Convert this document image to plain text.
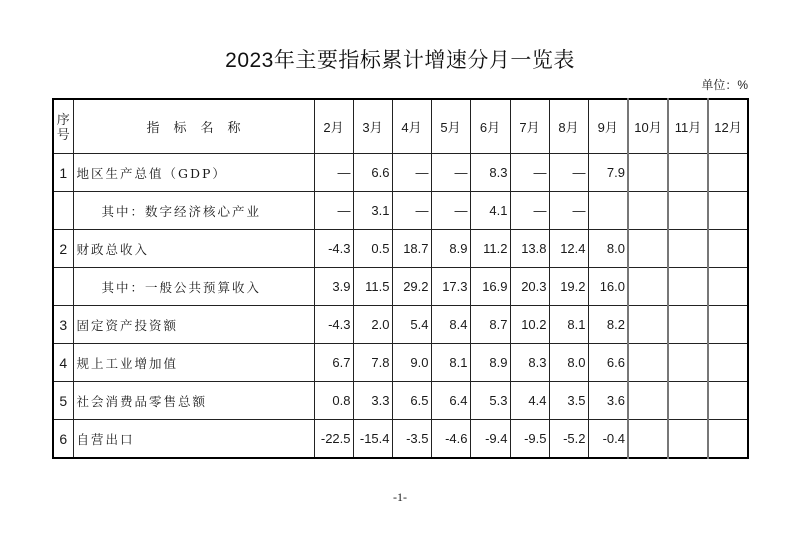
2023年主要指标累计增速分月一览表
单位：%
序号	指标名称	2月	3月	4月	5月	6月	7月	8月	9月	10月	11月	12月
1	地区生产总值（GDP）	—	6.6	—	—	8.3	—	—	7.9			
	其中：数字经济核心产业	—	3.1	—	—	4.1	—	—				
2	财政总收入	-4.3	0.5	18.7	8.9	11.2	13.8	12.4	8.0			
	其中：一般公共预算收入	3.9	11.5	29.2	17.3	16.9	20.3	19.2	16.0			
3	固定资产投资额	-4.3	2.0	5.4	8.4	8.7	10.2	8.1	8.2			
4	规上工业增加值	6.7	7.8	9.0	8.1	8.9	8.3	8.0	6.6			
5	社会消费品零售总额	0.8	3.3	6.5	6.4	5.3	4.4	3.5	3.6			
6	自营出口	-22.5	-15.4	-3.5	-4.6	-9.4	-9.5	-5.2	-0.4			
-1-
